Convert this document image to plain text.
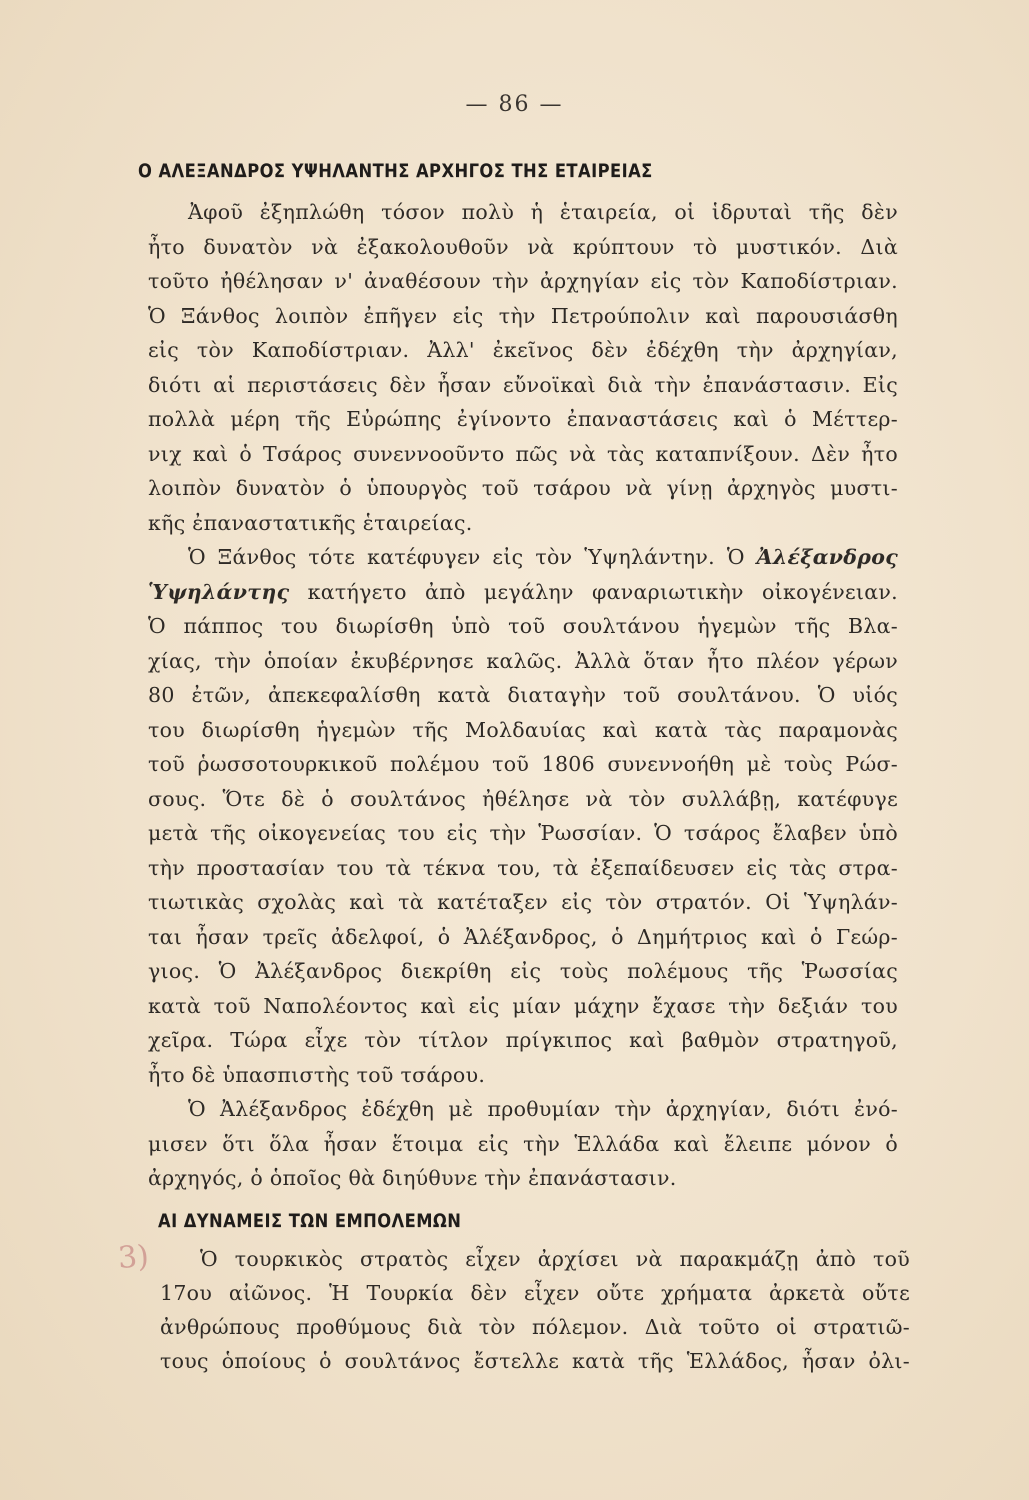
— 86 —
Ο ΑΛΕΞΑΝΔΡΟΣ ΥΨΗΛΑΝΤΗΣ ΑΡΧΗΓΟΣ ΤΗΣ ΕΤΑΙΡΕΙΑΣ
Ἀφοῦ ἐξηπλώθη τόσον πολὺ ἡ ἑταιρεία, οἱ ἱδρυταὶ τῆς δὲν
ἦτο δυνατὸν νὰ ἐξακολουθοῦν νὰ κρύπτουν τὸ μυστικόν. Διὰ
τοῦτο ἠθέλησαν ν' ἀναθέσουν τὴν ἀρχηγίαν εἰς τὸν Καποδίστριαν.
Ὁ Ξάνθος λοιπὸν ἐπῆγεν εἰς τὴν Πετρούπολιν καὶ παρουσιάσθη
εἰς τὸν Καποδίστριαν. Ἀλλ' ἐκεῖνος δὲν ἐδέχθη τὴν ἀρχηγίαν,
διότι αἱ περιστάσεις δὲν ἦσαν εὔνοϊκαὶ διὰ τὴν ἐπανάστασιν. Εἰς
πολλὰ μέρη τῆς Εὐρώπης ἐγίνοντο ἐπαναστάσεις καὶ ὁ Μέττερ-
νιχ καὶ ὁ Τσάρος συνεννοοῦντο πῶς νὰ τὰς καταπνίξουν. Δὲν ἦτο
λοιπὸν δυνατὸν ὁ ὑπουργὸς τοῦ τσάρου νὰ γίνῃ ἀρχηγὸς μυστι-
κῆς ἐπαναστατικῆς ἑταιρείας.
Ὁ Ξάνθος τότε κατέφυγεν εἰς τὸν Ὑψηλάντην. Ὁ Ἀλέξανδρος
Ὑψηλάντης κατήγετο ἀπὸ μεγάλην φαναριωτικὴν οἰκογένειαν.
Ὁ πάππος του διωρίσθη ὑπὸ τοῦ σουλτάνου ἡγεμὼν τῆς Βλα-
χίας, τὴν ὁποίαν ἐκυβέρνησε καλῶς. Ἀλλὰ ὅταν ἦτο πλέον γέρων
80 ἐτῶν, ἀπεκεφαλίσθη κατὰ διαταγὴν τοῦ σουλτάνου. Ὁ υἱός
του διωρίσθη ἡγεμὼν τῆς Μολδαυίας καὶ κατὰ τὰς παραμονὰς
τοῦ ῥωσσοτουρκικοῦ πολέμου τοῦ 1806 συνεννοήθη μὲ τοὺς Ρώσ-
σους. Ὅτε δὲ ὁ σουλτάνος ἠθέλησε νὰ τὸν συλλάβῃ, κατέφυγε
μετὰ τῆς οἰκογενείας του εἰς τὴν Ῥωσσίαν. Ὁ τσάρος ἔλαβεν ὑπὸ
τὴν προστασίαν του τὰ τέκνα του, τὰ ἐξεπαίδευσεν εἰς τὰς στρα-
τιωτικὰς σχολὰς καὶ τὰ κατέταξεν εἰς τὸν στρατόν. Οἱ Ὑψηλάν-
ται ἦσαν τρεῖς ἀδελφοί, ὁ Ἀλέξανδρος, ὁ Δημήτριος καὶ ὁ Γεώρ-
γιος. Ὁ Ἀλέξανδρος διεκρίθη εἰς τοὺς πολέμους τῆς Ῥωσσίας
κατὰ τοῦ Ναπολέοντος καὶ εἰς μίαν μάχην ἔχασε τὴν δεξιάν του
χεῖρα. Τώρα εἶχε τὸν τίτλον πρίγκιπος καὶ βαθμὸν στρατηγοῦ,
ἦτο δὲ ὑπασπιστὴς τοῦ τσάρου.
Ὁ Ἀλέξανδρος ἐδέχθη μὲ προθυμίαν τὴν ἀρχηγίαν, διότι ἐνό-
μισεν ὅτι ὅλα ἦσαν ἕτοιμα εἰς τὴν Ἑλλάδα καὶ ἔλειπε μόνον ὁ
ἀρχηγός, ὁ ὁποῖος θὰ διηύθυνε τὴν ἐπανάστασιν.
ΑΙ ΔΥΝΑΜΕΙΣ ΤΩΝ ΕΜΠΟΛΕΜΩΝ
3)	Ὁ τουρκικὸς στρατὸς εἶχεν ἀρχίσει νὰ παρακμάζῃ ἀπὸ τοῦ
17ου αἰῶνος. Ἡ Τουρκία δὲν εἶχεν οὔτε χρήματα ἀρκετὰ οὔτε
ἀνθρώπους προθύμους διὰ τὸν πόλεμον. Διὰ τοῦτο οἱ στρατιῶ-
τους ὁποίους ὁ σουλτάνος ἔστελλε κατὰ τῆς Ἑλλάδος, ἦσαν ὀλι-
